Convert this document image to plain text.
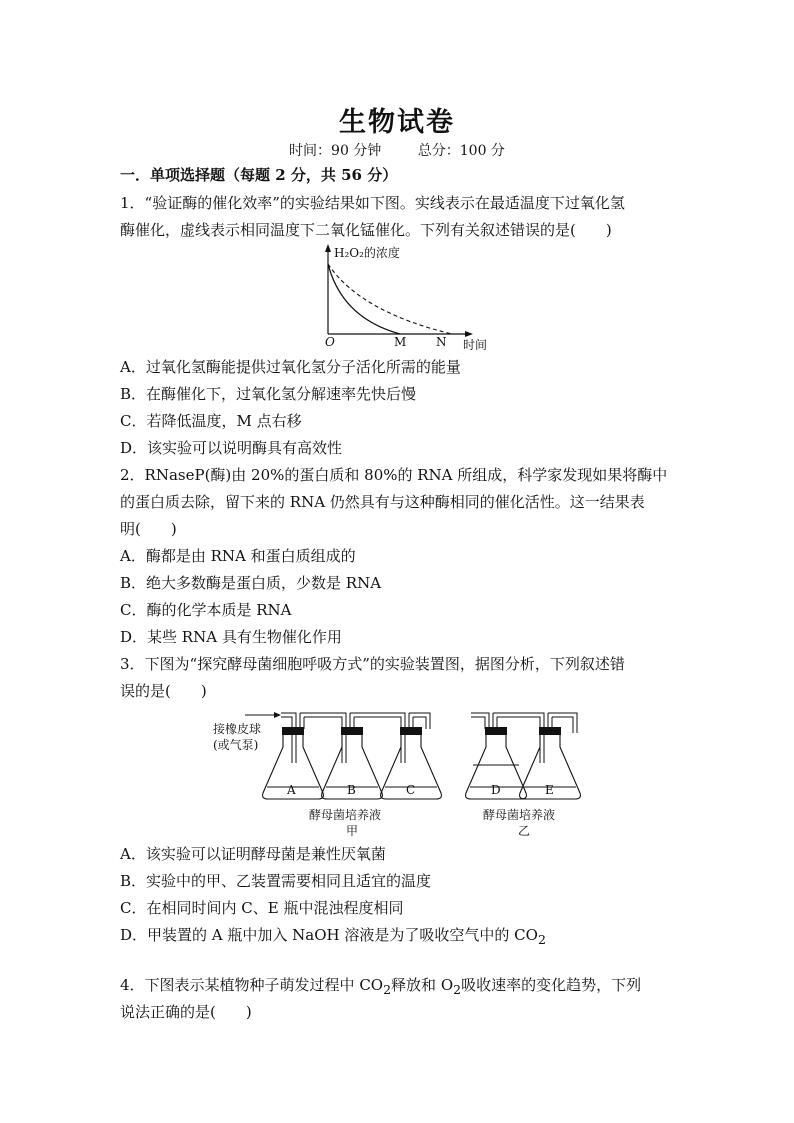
生物试卷
时间：90 分钟	总分：100 分
一．单项选择题（每题 2 分，共 56 分）
1．“验证酶的催化效率”的实验结果如下图。实线表示在最适温度下过氧化氢
酶催化，虚线表示相同温度下二氧化锰催化。下列有关叙述错误的是(　　)
H₂O₂的浓度
O	M N 时间
A．过氧化氢酶能提供过氧化氢分子活化所需的能量
B．在酶催化下，过氧化氢分解速率先快后慢
C．若降低温度，M 点右移
D．该实验可以说明酶具有高效性
2．RNaseP(酶)由 20%的蛋白质和 80%的 RNA 所组成，科学家发现如果将酶中
的蛋白质去除，留下来的 RNA 仍然具有与这种酶相同的催化活性。这一结果表
明(　　)
A．酶都是由 RNA 和蛋白质组成的
B．绝大多数酶是蛋白质，少数是 RNA
C．酶的化学本质是 RNA
D．某些 RNA 具有生物催化作用
3．下图为“探究酵母菌细胞呼吸方式”的实验装置图，据图分析，下列叙述错
误的是(　　)
接橡皮球
(或气泵)
A	B	C	D	E
酵母菌培养液
甲
酵母菌培养液
乙
A．该实验可以证明酵母菌是兼性厌氧菌
B．实验中的甲、乙装置需要相同且适宜的温度
C．在相同时间内 C、E 瓶中混浊程度相同
D．甲装置的 A 瓶中加入 NaOH 溶液是为了吸收空气中的 $CO_2$
4．下图表示某植物种子萌发过程中 $CO_2$释放和 $O_2$吸收速率的变化趋势，下列
说法正确的是(　　)
